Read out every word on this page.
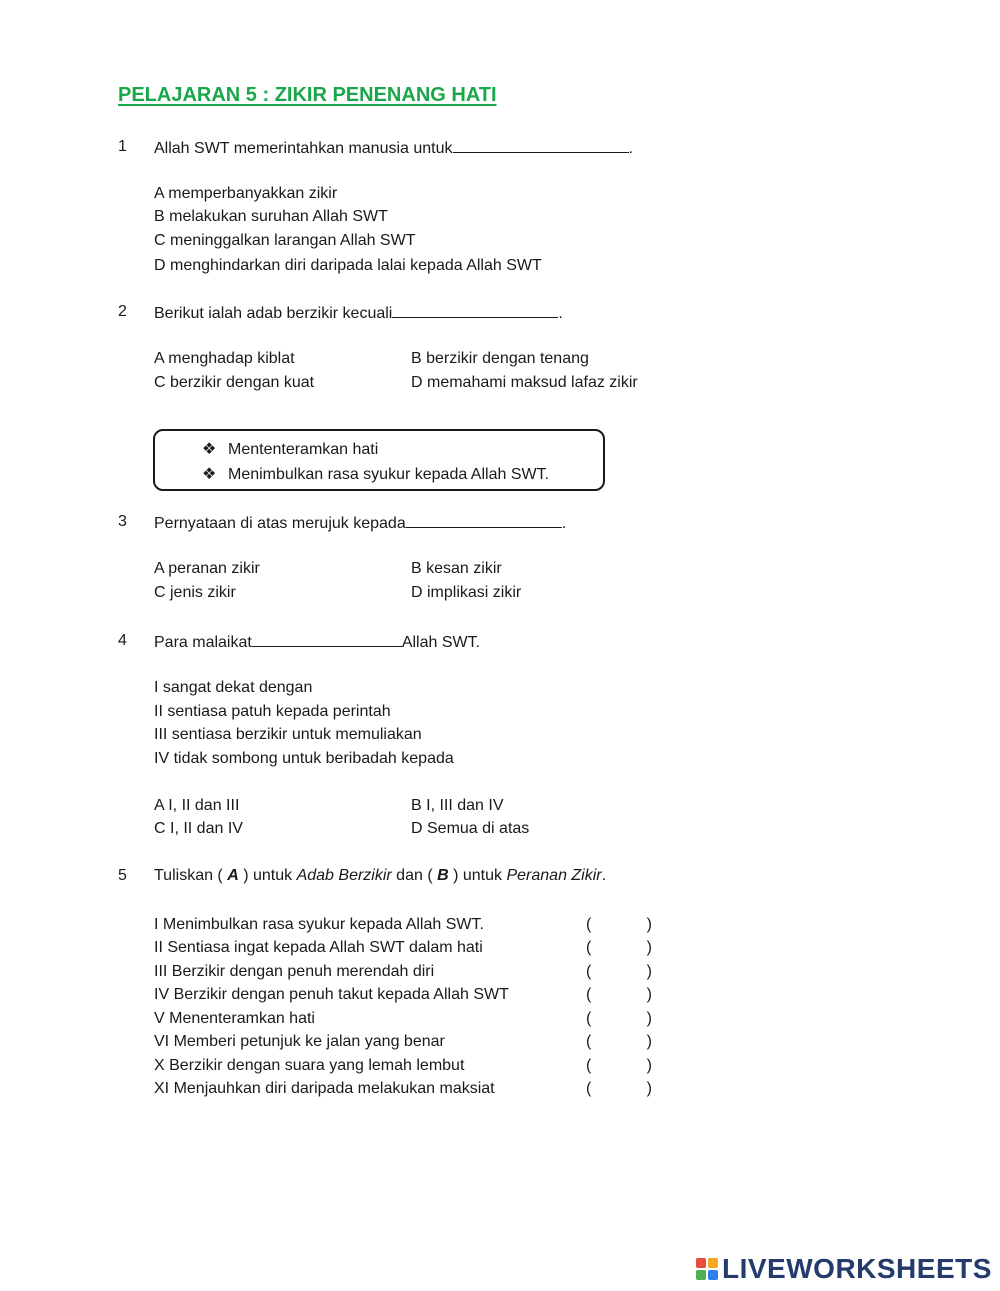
PELAJARAN 5 : ZIKIR PENENANG HATI
1 Allah SWT memerintahkan manusia untuk	.
A memperbanyakkan zikir
B melakukan suruhan Allah SWT
C meninggalkan larangan Allah SWT
D menghindarkan diri daripada lalai kepada Allah SWT
2 Berikut ialah adab berzikir kecuali	.
A menghadap kiblat	B berzikir dengan tenang
C berzikir dengan kuat	D memahami maksud lafaz zikir
❖ Mententeramkan hati
❖ Menimbulkan rasa syukur kepada Allah SWT.
3 Pernyataan di atas merujuk kepada	.
A peranan zikir	B kesan zikir
C jenis zikir	D implikasi zikir
4 Para malaikat	Allah SWT.
I sangat dekat dengan
II sentiasa patuh kepada perintah
III sentiasa berzikir untuk memuliakan
IV tidak sombong untuk beribadah kepada
A I, II dan III	B I, III dan IV
C I, II dan IV	D Semua di atas
5 Tuliskan ( A ) untuk Adab Berzikir dan ( B ) untuk Peranan Zikir.
I Menimbulkan rasa syukur kepada Allah SWT.	(	)
II Sentiasa ingat kepada Allah SWT dalam hati	(	)
III Berzikir dengan penuh merendah diri	(	)
IV Berzikir dengan penuh takut kepada Allah SWT	(	)
V Menenteramkan hati	(	)
VI Memberi petunjuk ke jalan yang benar	(	)
X Berzikir dengan suara yang lemah lembut	(	)
XI Menjauhkan diri daripada melakukan maksiat	(	)
LIVEWORKSHEETS
